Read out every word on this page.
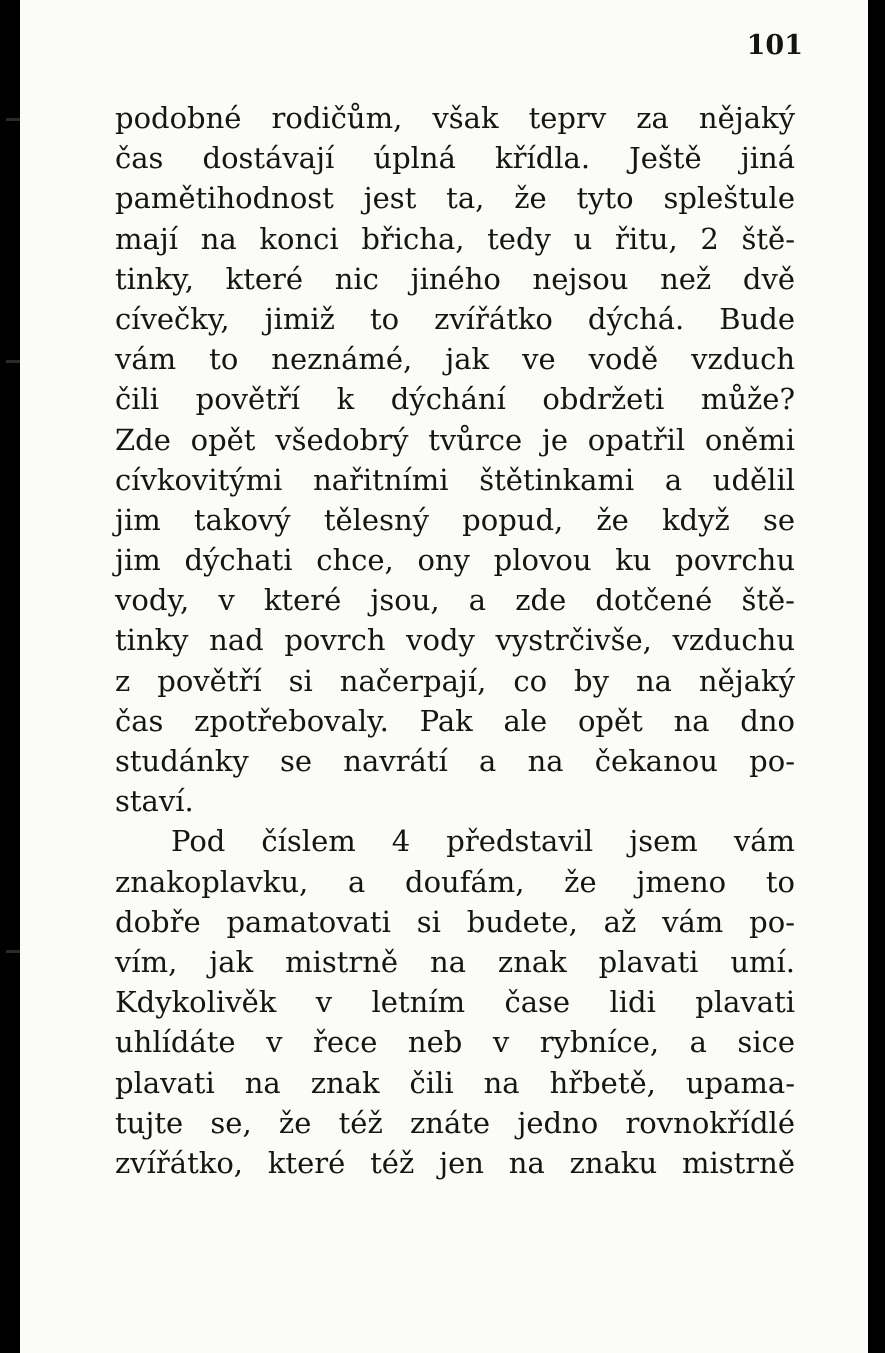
101
podobné rodičům, však teprv za nějaký
čas dostávají úplná křídla. Ještě jiná
pamětihodnost jest ta, že tyto spleštule
mají na konci břicha, tedy u řitu, 2 ště-
tinky, které nic jiného nejsou než dvě
cívečky, jimiž to zvířátko dýchá. Bude
vám to neznámé, jak ve vodě vzduch
čili povětří k dýchání obdržeti může?
Zde opět všedobrý tvůrce je opatřil oněmi
cívkovitými nařitními štětinkami a udělil
jim takový tělesný popud, že když se
jim dýchati chce, ony plovou ku povrchu
vody, v které jsou, a zde dotčené ště-
tinky nad povrch vody vystrčivše, vzduchu
z povětří si načerpají, co by na nějaký
čas zpotřebovaly. Pak ale opět na dno
studánky se navrátí a na čekanou po-
staví.
Pod číslem 4 představil jsem vám
znakoplavku, a doufám, že jmeno to
dobře pamatovati si budete, až vám po-
vím, jak mistrně na znak plavati umí.
Kdykolivěk v letním čase lidi plavati
uhlídáte v řece neb v rybníce, a sice
plavati na znak čili na hřbetě, upama-
tujte se, že též znáte jedno rovnokřídlé
zvířátko, které též jen na znaku mistrně
